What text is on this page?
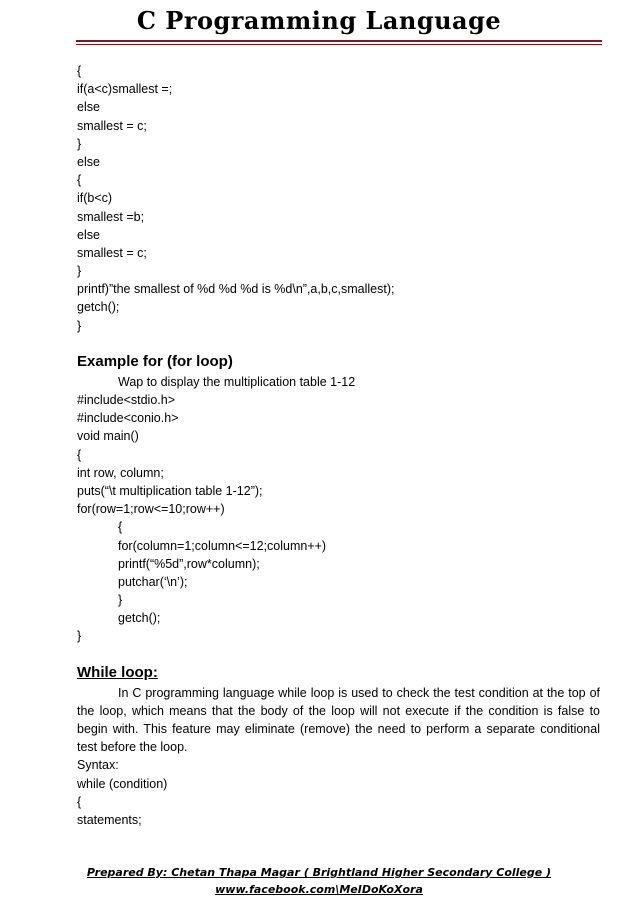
C Programming Language
{
if(a<c)smallest =;
else
smallest = c;
}
else
{
if(b<c)
smallest =b;
else
smallest = c;
}
printf)”the smallest of %d %d %d is %d\n”,a,b,c,smallest);
getch();
}
Example for (for loop)
Wap to display the multiplication table 1-12
#include<stdio.h>
#include<conio.h>
void main()
{
int row, column;
puts(“\t multiplication table 1-12”);
for(row=1;row<=10;row++)
{
for(column=1;column<=12;column++)
printf(“%5d”,row*column);
putchar(‘\n’);
}
getch();
}
While loop:
In C programming language while loop is used to check the test condition at the top of the loop, which means that the body of the loop will not execute if the condition is false to begin with. This feature may eliminate (remove) the need to perform a separate conditional test before the loop.
Syntax:
while (condition)
{
statements;
Prepared By: Chetan Thapa Magar ( Brightland Higher Secondary College )
www.facebook.com\MeIDoKoXora
